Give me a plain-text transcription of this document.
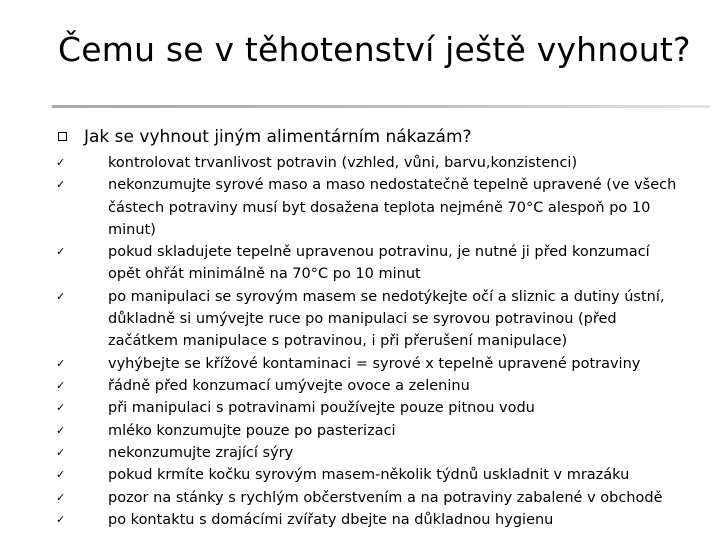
Čemu se v těhotenství ještě vyhnout?
Jak se vyhnout jiným alimentárním nákazám?
✓	kontrolovat trvanlivost potravin (vzhled, vůni, barvu,konzistenci)
✓	nekonzumujte syrové maso a maso nedostatečně tepelně upravené (ve všech
částech potraviny musí byt dosažena teplota nejméně 70°C alespoň po 10
minut)
✓	pokud skladujete tepelně upravenou potravinu, je nutné ji před konzumací
opět ohřát minimálně na 70°C po 10 minut
✓	po manipulaci se syrovým masem se nedotýkejte očí a sliznic a dutiny ústní,
důkladně si umývejte ruce po manipulaci se syrovou potravinou (před
začátkem manipulace s potravinou, i při přerušení manipulace)
✓	vyhýbejte se křížové kontaminaci = syrové x tepelně upravené potraviny
✓	řádně před konzumací umývejte ovoce a zeleninu
✓	při manipulaci s potravinami používejte pouze pitnou vodu
✓	mléko konzumujte pouze po pasterizaci
✓	nekonzumujte zrající sýry
✓	pokud krmíte kočku syrovým masem-několik týdnů uskladnit v mrazáku
✓	pozor na stánky s rychlým občerstvením a na potraviny zabalené v obchodě
✓	po kontaktu s domácími zvířaty dbejte na důkladnou hygienu
